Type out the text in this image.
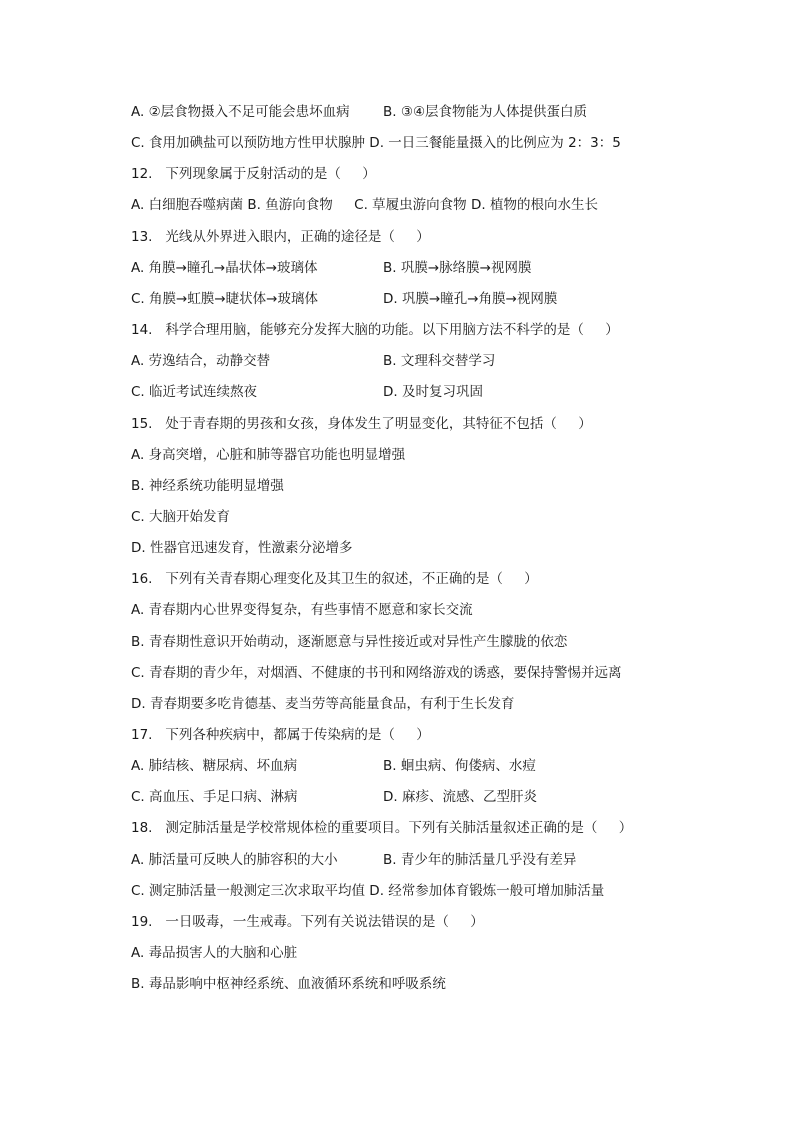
A. ②层食物摄入不足可能会患坏血病 B. ③④层食物能为人体提供蛋白质
C. 食用加碘盐可以预防地方性甲状腺肿 D. 一日三餐能量摄入的比例应为 2：3：5
12.   下列现象属于反射活动的是（     ）
A. 白细胞吞噬病菌 B. 鱼游向食物     C. 草履虫游向食物 D. 植物的根向水生长
13.   光线从外界进入眼内，正确的途径是（     ）
A. 角膜→瞳孔→晶状体→玻璃体	B. 巩膜→脉络膜→视网膜
C. 角膜→虹膜→睫状体→玻璃体	D. 巩膜→瞳孔→角膜→视网膜
14.   科学合理用脑，能够充分发挥大脑的功能。以下用脑方法不科学的是（     ）
A. 劳逸结合，动静交替	B. 文理科交替学习
C. 临近考试连续熬夜	D. 及时复习巩固
15.   处于青春期的男孩和女孩，身体发生了明显变化，其特征不包括（     ）
A. 身高突增，心脏和肺等器官功能也明显增强
B. 神经系统功能明显增强
C. 大脑开始发育
D. 性器官迅速发育，性激素分泌增多
16.   下列有关青春期心理变化及其卫生的叙述，不正确的是（     ）
A. 青春期内心世界变得复杂，有些事情不愿意和家长交流
B. 青春期性意识开始萌动，逐渐愿意与异性接近或对异性产生朦胧的依恋
C. 青春期的青少年，对烟酒、不健康的书刊和网络游戏的诱惑，要保持警惕并远离
D. 青春期要多吃肯德基、麦当劳等高能量食品，有利于生长发育
17.   下列各种疾病中，都属于传染病的是（     ）
A. 肺结核、糖尿病、坏血病	B. 蛔虫病、佝偻病、水痘
C. 高血压、手足口病、淋病	D. 麻疹、流感、乙型肝炎
18.   测定肺活量是学校常规体检的重要项目。下列有关肺活量叙述正确的是（     ）
A. 肺活量可反映人的肺容积的大小	B. 青少年的肺活量几乎没有差异
C. 测定肺活量一般测定三次求取平均值 D. 经常参加体育锻炼一般可增加肺活量
19.   一日吸毒，一生戒毒。下列有关说法错误的是（     ）
A. 毒品损害人的大脑和心脏
B. 毒品影响中枢神经系统、血液循环系统和呼吸系统
